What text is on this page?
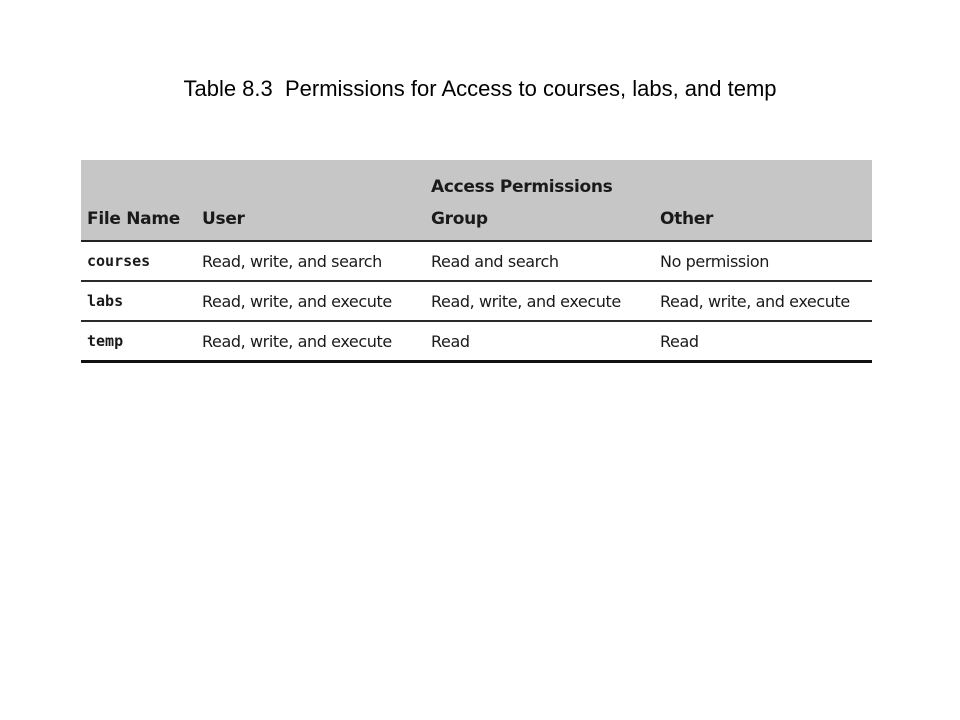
Table 8.3  Permissions for Access to courses, labs, and temp
		Access Permissions	
File Name	User	Group	Other
courses	Read, write, and search	Read and search	No permission
labs	Read, write, and execute	Read, write, and execute	Read, write, and execute
temp	Read, write, and execute	Read	Read
